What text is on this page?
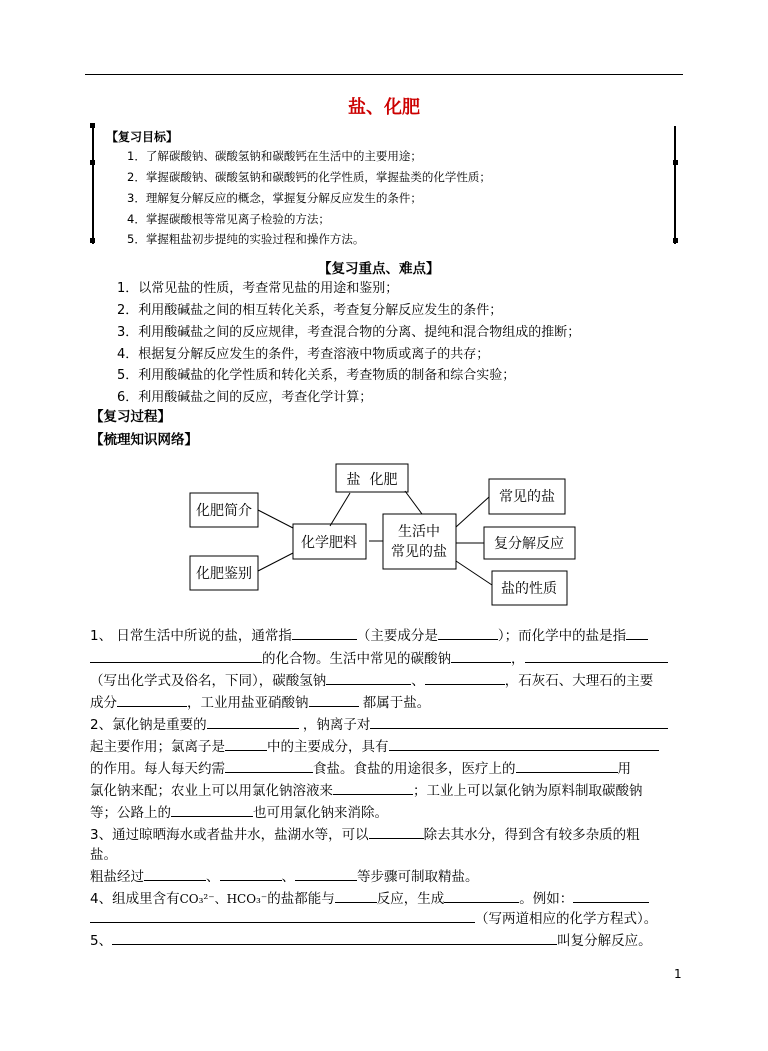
盐、化肥
【复习目标】
1．了解碳酸钠、碳酸氢钠和碳酸钙在生活中的主要用途；
2．掌握碳酸钠、碳酸氢钠和碳酸钙的化学性质，掌握盐类的化学性质；
3．理解复分解反应的概念，掌握复分解反应发生的条件；
4．掌握碳酸根等常见离子检验的方法；
5．掌握粗盐初步提纯的实验过程和操作方法。
【复习重点、难点】
1．以常见盐的性质，考查常见盐的用途和鉴别；
2．利用酸碱盐之间的相互转化关系，考查复分解反应发生的条件；
3．利用酸碱盐之间的反应规律，考查混合物的分离、提纯和混合物组成的推断；
4．根据复分解反应发生的条件，考查溶液中物质或离子的共存；
5．利用酸碱盐的化学性质和转化关系，考查物质的制备和综合实验；
6．利用酸碱盐之间的反应，考查化学计算；
【复习过程】
【梳理知识网络】
盐  化肥
化肥简介
化肥鉴别
化学肥料
生活中
常见的盐
常见的盐
复分解反应
盐的性质
1、 日常生活中所说的盐，通常指	（主要成分是	）；而化学中的盐是指
的化合物。生活中常见的碳酸钠	，
（写出化学式及俗名，下同），碳酸氢钠	、	，石灰石、大理石的主要
成分	，工业用盐亚硝酸钠	都属于盐。
2、氯化钠是重要的	，钠离子对
起主要作用；氯离子是	中的主要成分，具有
的作用。每人每天约需	食盐。食盐的用途很多，医疗上的	用
氯化钠来配；农业上可以用氯化钠溶液来	；工业上可以氯化钠为原料制取碳酸钠
等；公路上的	也可用氯化钠来消除。
3、通过晾晒海水或者盐井水，盐湖水等，可以	除去其水分，得到含有较多杂质的粗
盐。
粗盐经过	、	、	等步骤可制取精盐。
4、组成里含有CO₃²⁻、HCO₃⁻的盐都能与	反应，生成	。例如：
（写两道相应的化学方程式）。
5、	叫复分解反应。
1
